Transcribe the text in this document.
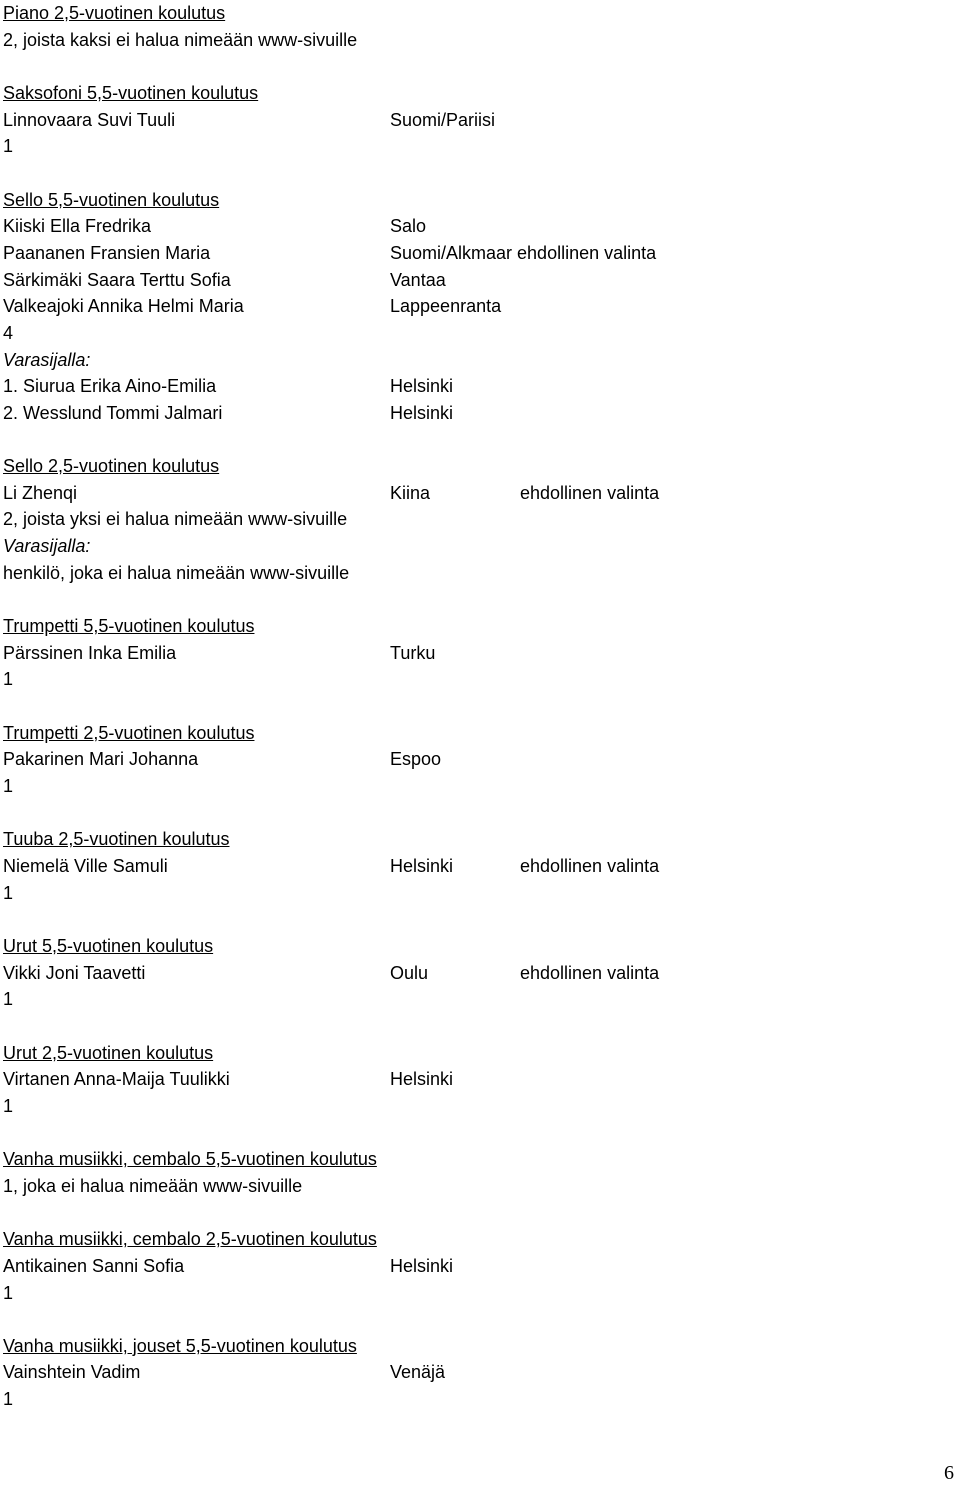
Piano 2,5-vuotinen koulutus
2, joista kaksi ei halua nimeään www-sivuille
Saksofoni 5,5-vuotinen koulutus
Linnovaara Suvi Tuuli	Suomi/Pariisi
1
Sello 5,5-vuotinen koulutus
Kiiski Ella Fredrika	Salo
Paananen Fransien Maria	Suomi/Alkmaar ehdollinen valinta
Särkimäki Saara Terttu Sofia	Vantaa
Valkeajoki Annika Helmi Maria	Lappeenranta
4
Varasijalla:
1. Siurua Erika Aino-Emilia	Helsinki
2. Wesslund Tommi Jalmari	Helsinki
Sello 2,5-vuotinen koulutus
Li Zhenqi	Kiina	ehdollinen valinta
2, joista yksi ei halua nimeään www-sivuille
Varasijalla:
henkilö, joka ei halua nimeään www-sivuille
Trumpetti 5,5-vuotinen koulutus
Pärssinen Inka Emilia	Turku
1
Trumpetti 2,5-vuotinen koulutus
Pakarinen Mari Johanna	Espoo
1
Tuuba 2,5-vuotinen koulutus
Niemelä Ville Samuli	Helsinki	ehdollinen valinta
1
Urut 5,5-vuotinen koulutus
Vikki Joni Taavetti	Oulu	ehdollinen valinta
1
Urut 2,5-vuotinen koulutus
Virtanen Anna-Maija Tuulikki	Helsinki
1
Vanha musiikki, cembalo 5,5-vuotinen koulutus
1, joka ei halua nimeään www-sivuille
Vanha musiikki, cembalo 2,5-vuotinen koulutus
Antikainen Sanni Sofia	Helsinki
1
Vanha musiikki, jouset 5,5-vuotinen koulutus
Vainshtein Vadim	Venäjä
1
6
